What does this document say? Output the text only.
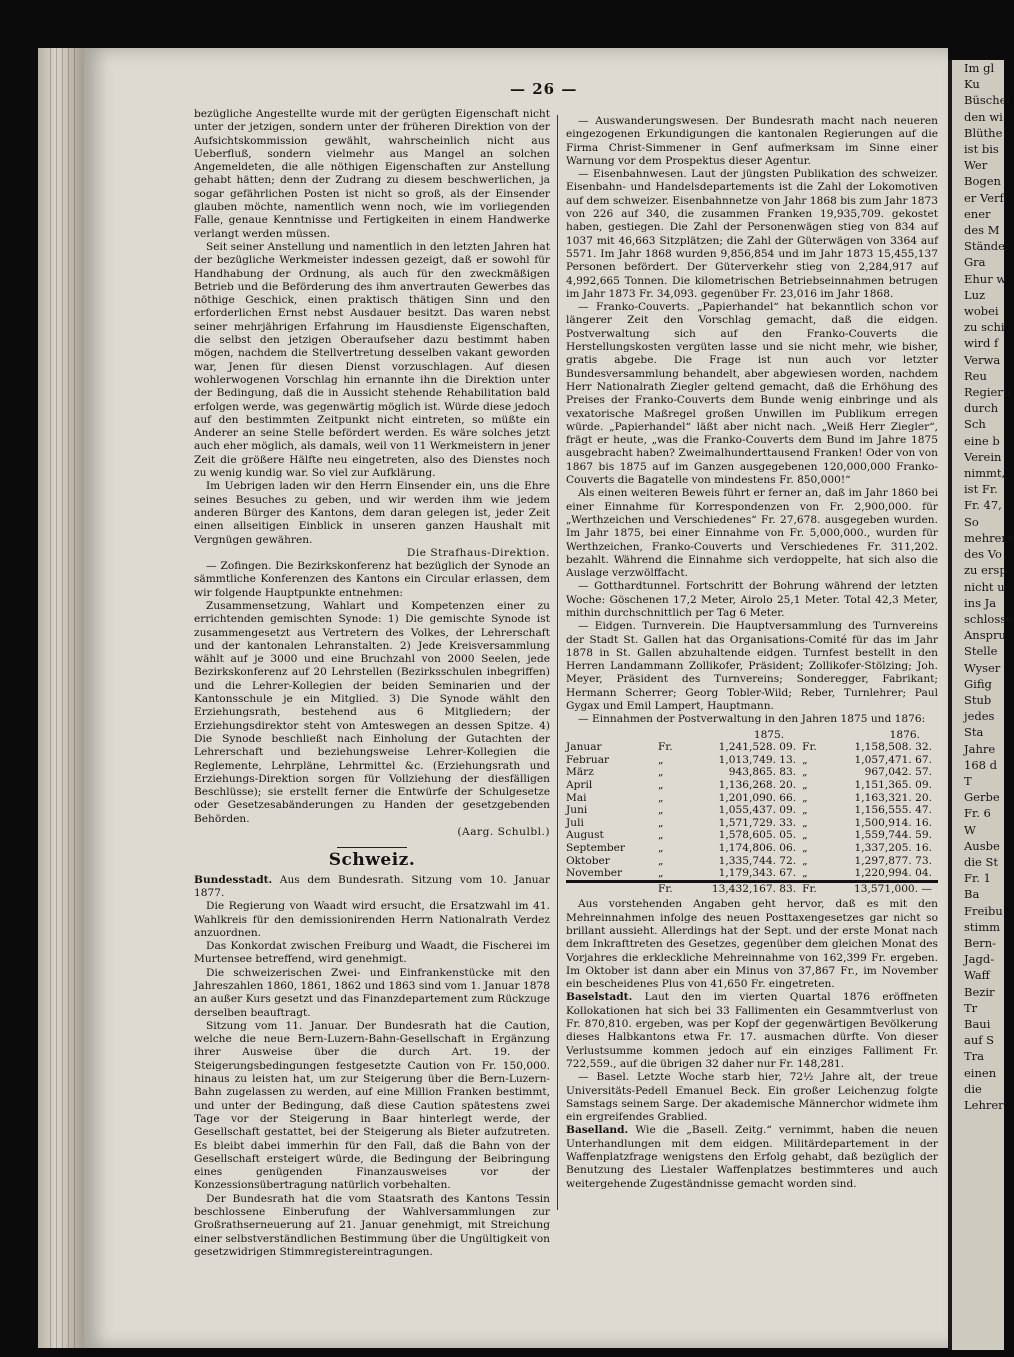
— 26 —

bezügliche Angestellte wurde mit der gerügten Eigenschaft nicht unter der jetzigen, sondern unter der früheren Direktion von der Aufsichtskommission gewählt, wahrscheinlich nicht aus Ueberfluß, sondern vielmehr aus Mangel an solchen Angemeldeten, die alle nöthigen Eigenschaften zur Anstellung gehabt hätten; denn der Zudrang zu diesem beschwerlichen, ja sogar gefährlichen Posten ist nicht so groß, als der Einsender glauben möchte, namentlich wenn noch, wie im vorliegenden Falle, genaue Kenntnisse und Fertigkeiten in einem Handwerke verlangt werden müssen.

Seit seiner Anstellung und namentlich in den letzten Jahren hat der bezügliche Werkmeister indessen gezeigt, daß er sowohl für Handhabung der Ordnung, als auch für den zweckmäßigen Betrieb und die Beförderung des ihm anvertrauten Gewerbes das nöthige Geschick, einen praktisch thätigen Sinn und den erforderlichen Ernst nebst Ausdauer besitzt. Das waren nebst seiner mehrjährigen Erfahrung im Hausdienste Eigenschaften, die selbst den jetzigen Oberaufseher dazu bestimmt haben mögen, nachdem die Stellvertretung desselben vakant geworden war, Jenen für diesen Dienst vorzuschlagen. Auf diesen wohlerwogenen Vorschlag hin ernannte ihn die Direktion unter der Bedingung, daß die in Aussicht stehende Rehabilitation bald erfolgen werde, was gegenwärtig möglich ist. Würde diese jedoch auf den bestimmten Zeitpunkt nicht eintreten, so müßte ein Anderer an seine Stelle befördert werden. Es wäre solches jetzt auch eher möglich, als damals, weil von 11 Werkmeistern in jener Zeit die größere Hälfte neu eingetreten, also des Dienstes noch zu wenig kundig war. So viel zur Aufklärung.

Im Uebrigen laden wir den Herrn Einsender ein, uns die Ehre seines Besuches zu geben, und wir werden ihm wie jedem anderen Bürger des Kantons, dem daran gelegen ist, jeder Zeit einen allseitigen Einblick in unseren ganzen Haushalt mit Vergnügen gewähren.

Die Strafhaus-Direktion.

— Zofingen. Die Bezirkskonferenz hat bezüglich der Synode an sämmtliche Konferenzen des Kantons ein Circular erlassen, dem wir folgende Hauptpunkte entnehmen:

Zusammensetzung, Wahlart und Kompetenzen einer zu errichtenden gemischten Synode: 1) Die gemischte Synode ist zusammengesetzt aus Vertretern des Volkes, der Lehrerschaft und der kantonalen Lehranstalten. 2) Jede Kreisversammlung wählt auf je 3000 und eine Bruchzahl von 2000 Seelen, jede Bezirkskonferenz auf 20 Lehrstellen (Bezirksschulen inbegriffen) und die Lehrer-Kollegien der beiden Seminarien und der Kantonsschule je ein Mitglied. 3) Die Synode wählt den Erziehungsrath, bestehend aus 6 Mitgliedern; der Erziehungsdirektor steht von Amteswegen an dessen Spitze. 4) Die Synode beschließt nach Einholung der Gutachten der Lehrerschaft und beziehungsweise Lehrer-Kollegien die Reglemente, Lehrpläne, Lehrmittel &c. (Erziehungsrath und Erziehungs-Direktion sorgen für Vollziehung der diesfälligen Beschlüsse); sie erstellt ferner die Entwürfe der Schulgesetze oder Gesetzesabänderungen zu Handen der gesetzgebenden Behörden.

(Aarg. Schulbl.)

Schweiz.

Bundesstadt. Aus dem Bundesrath. Sitzung vom 10. Januar 1877.

Die Regierung von Waadt wird ersucht, die Ersatzwahl im 41. Wahlkreis für den demissionirenden Herrn Nationalrath Verdez anzuordnen.

Das Konkordat zwischen Freiburg und Waadt, die Fischerei im Murtensee betreffend, wird genehmigt.

Die schweizerischen Zwei- und Einfrankenstücke mit den Jahreszahlen 1860, 1861, 1862 und 1863 sind vom 1. Januar 1878 an außer Kurs gesetzt und das Finanzdepartement zum Rückzuge derselben beauftragt.

Sitzung vom 11. Januar. Der Bundesrath hat die Caution, welche die neue Bern-Luzern-Bahn-Gesellschaft in Ergänzung ihrer Ausweise über die durch Art. 19. der Steigerungsbedingungen festgesetzte Caution von Fr. 150,000. hinaus zu leisten hat, um zur Steigerung über die Bern-Luzern-Bahn zugelassen zu werden, auf eine Million Franken bestimmt, und unter der Bedingung, daß diese Caution spätestens zwei Tage vor der Steigerung in Baar hinterlegt werde, der Gesellschaft gestattet, bei der Steigerung als Bieter aufzutreten. Es bleibt dabei immerhin für den Fall, daß die Bahn von der Gesellschaft ersteigert würde, die Bedingung der Beibringung eines genügenden Finanzausweises vor der Konzessionsübertragung natürlich vorbehalten.

Der Bundesrath hat die vom Staatsrath des Kantons Tessin beschlossene Einberufung der Wahlversammlungen zur Großrathserneuerung auf 21. Januar genehmigt, mit Streichung einer selbstverständlichen Bestimmung über die Ungültigkeit von gesetzwidrigen Stimmregistereintragungen.

— Auswanderungswesen. Der Bundesrath macht nach neueren eingezogenen Erkundigungen die kantonalen Regierungen auf die Firma Christ-Simmener in Genf aufmerksam im Sinne einer Warnung vor dem Prospektus dieser Agentur.

— Eisenbahnwesen. Laut der jüngsten Publikation des schweizer. Eisenbahn- und Handelsdepartements ist die Zahl der Lokomotiven auf dem schweizer. Eisenbahnnetze von Jahr 1868 bis zum Jahr 1873 von 226 auf 340, die zusammen Franken 19,935,709. gekostet haben, gestiegen. Die Zahl der Personenwägen stieg von 834 auf 1037 mit 46,663 Sitzplätzen; die Zahl der Güterwägen von 3364 auf 5571. Im Jahr 1868 wurden 9,856,854 und im Jahr 1873 15,455,137 Personen befördert. Der Güterverkehr stieg von 2,284,917 auf 4,992,665 Tonnen. Die kilometrischen Betriebseinnahmen betrugen im Jahr 1873 Fr. 34,093. gegenüber Fr. 23,016 im Jahr 1868.

— Franko-Couverts. „Papierhandel“ hat bekanntlich schon vor längerer Zeit den Vorschlag gemacht, daß die eidgen. Postverwaltung sich auf den Franko-Couverts die Herstellungskosten vergüten lasse und sie nicht mehr, wie bisher, gratis abgebe. Die Frage ist nun auch vor letzter Bundesversammlung behandelt, aber abgewiesen worden, nachdem Herr Nationalrath Ziegler geltend gemacht, daß die Erhöhung des Preises der Franko-Couverts dem Bunde wenig einbringe und als vexatorische Maßregel großen Unwillen im Publikum erregen würde. „Papierhandel“ läßt aber nicht nach. „Weiß Herr Ziegler“, frägt er heute, „was die Franko-Couverts dem Bund im Jahre 1875 ausgebracht haben? Zweimalhunderttausend Franken! Oder von von 1867 bis 1875 auf im Ganzen ausgegebenen 120,000,000 Franko-Couverts die Bagatelle von mindestens Fr. 850,000!“

Als einen weiteren Beweis führt er ferner an, daß im Jahr 1860 bei einer Einnahme für Korrespondenzen von Fr. 2,900,000. für „Werthzeichen und Verschiedenes“ Fr. 27,678. ausgegeben wurden. Im Jahr 1875, bei einer Einnahme von Fr. 5,000,000., wurden für Werthzeichen, Franko-Couverts und Verschiedenes Fr. 311,202. bezahlt. Während die Einnahme sich verdoppelte, hat sich also die Auslage verzwölffacht.

— Gotthardtunnel. Fortschritt der Bohrung während der letzten Woche: Göschenen 17,2 Meter, Airolo 25,1 Meter. Total 42,3 Meter, mithin durchschnittlich per Tag 6 Meter.

— Eidgen. Turnverein. Die Hauptversammlung des Turnvereins der Stadt St. Gallen hat das Organisations-Comité für das im Jahr 1878 in St. Gallen abzuhaltende eidgen. Turnfest bestellt in den Herren Landammann Zollikofer, Präsident; Zollikofer-Stölzing; Joh. Meyer, Präsident des Turnvereins; Sonderegger, Fabrikant; Hermann Scherrer; Georg Tobler-Wild; Reber, Turnlehrer; Paul Gygax und Emil Lampert, Hauptmann.

— Einnahmen der Postverwaltung in den Jahren 1875 und 1876:

		1875.		1876.
Januar	Fr.	1,241,528. 09.	Fr.	1,158,508. 32.
Februar	„	1,013,749. 13.	„	1,057,471. 67.
März	„	943,865. 83.	„	967,042. 57.
April	„	1,136,268. 20.	„	1,151,365. 09.
Mai	„	1,201,090. 66.	„	1,163,321. 20.
Juni	„	1,055,437. 09.	„	1,156,555. 47.
Juli	„	1,571,729. 33.	„	1,500,914. 16.
August	„	1,578,605. 05.	„	1,559,744. 59.
September	„	1,174,806. 06.	„	1,337,205. 16.
Oktober	„	1,335,744. 72.	„	1,297,877. 73.
November	„	1,179,343. 67.	„	1,220,994. 04.
	Fr.	13,432,167. 83.	Fr.	13,571,000. —

Aus vorstehenden Angaben geht hervor, daß es mit den Mehreinnahmen infolge des neuen Posttaxengesetzes gar nicht so brillant aussieht. Allerdings hat der Sept. und der erste Monat nach dem Inkrafttreten des Gesetzes, gegenüber dem gleichen Monat des Vorjahres die erkleckliche Mehreinnahme von 162,399 Fr. ergeben. Im Oktober ist dann aber ein Minus von 37,867 Fr., im November ein bescheidenes Plus von 41,650 Fr. eingetreten.

Baselstadt. Laut den im vierten Quartal 1876 eröffneten Kollokationen hat sich bei 33 Fallimenten ein Gesammtverlust von Fr. 870,810. ergeben, was per Kopf der gegenwärtigen Bevölkerung dieses Halbkantons etwa Fr. 17. ausmachen dürfte. Von dieser Verlustsumme kommen jedoch auf ein einziges Falliment Fr. 722,559., auf die übrigen 32 daher nur Fr. 148,281.

— Basel. Letzte Woche starb hier, 72½ Jahre alt, der treue Universitäts-Pedell Emanuel Beck. Ein großer Leichenzug folgte Samstags seinem Sarge. Der akademische Männerchor widmete ihm ein ergreifendes Grablied.

Baselland. Wie die „Basell. Zeitg.“ vernimmt, haben die neuen Unterhandlungen mit dem eidgen. Militärdepartement in der Waffenplatzfrage wenigstens den Erfolg gehabt, daß bezüglich der Benutzung des Liestaler Waffenplatzes bestimmteres und auch weitergehende Zugeständnisse gemacht worden sind.

Im gl
Ku
Büschel
den wi
Blüthe
ist bis
Wer
Bogen
er Verf
ener
des M
Ständer
Gra
Ehur w
Luz
wobei
zu schi
wird f
Verwa
Reu
Regieru
durch
Sch
eine b
Verein
nimmt,
ist Fr.
Fr. 47,
So
mehrere
des Vo
zu ersp
nicht u
ins Ja
schlosse
Anspru
Stelle
Wyser
Gifig
Stub
jedes
Sta
Jahre
168 d
T
Gerbe
Fr. 6
W
Ausbe
die St
Fr. 1
Ba
Freibu
stimm
Bern-
Jagd-
Waff
Bezir
Tr
Baui
auf S
Tra
einen
die
Lehrer
